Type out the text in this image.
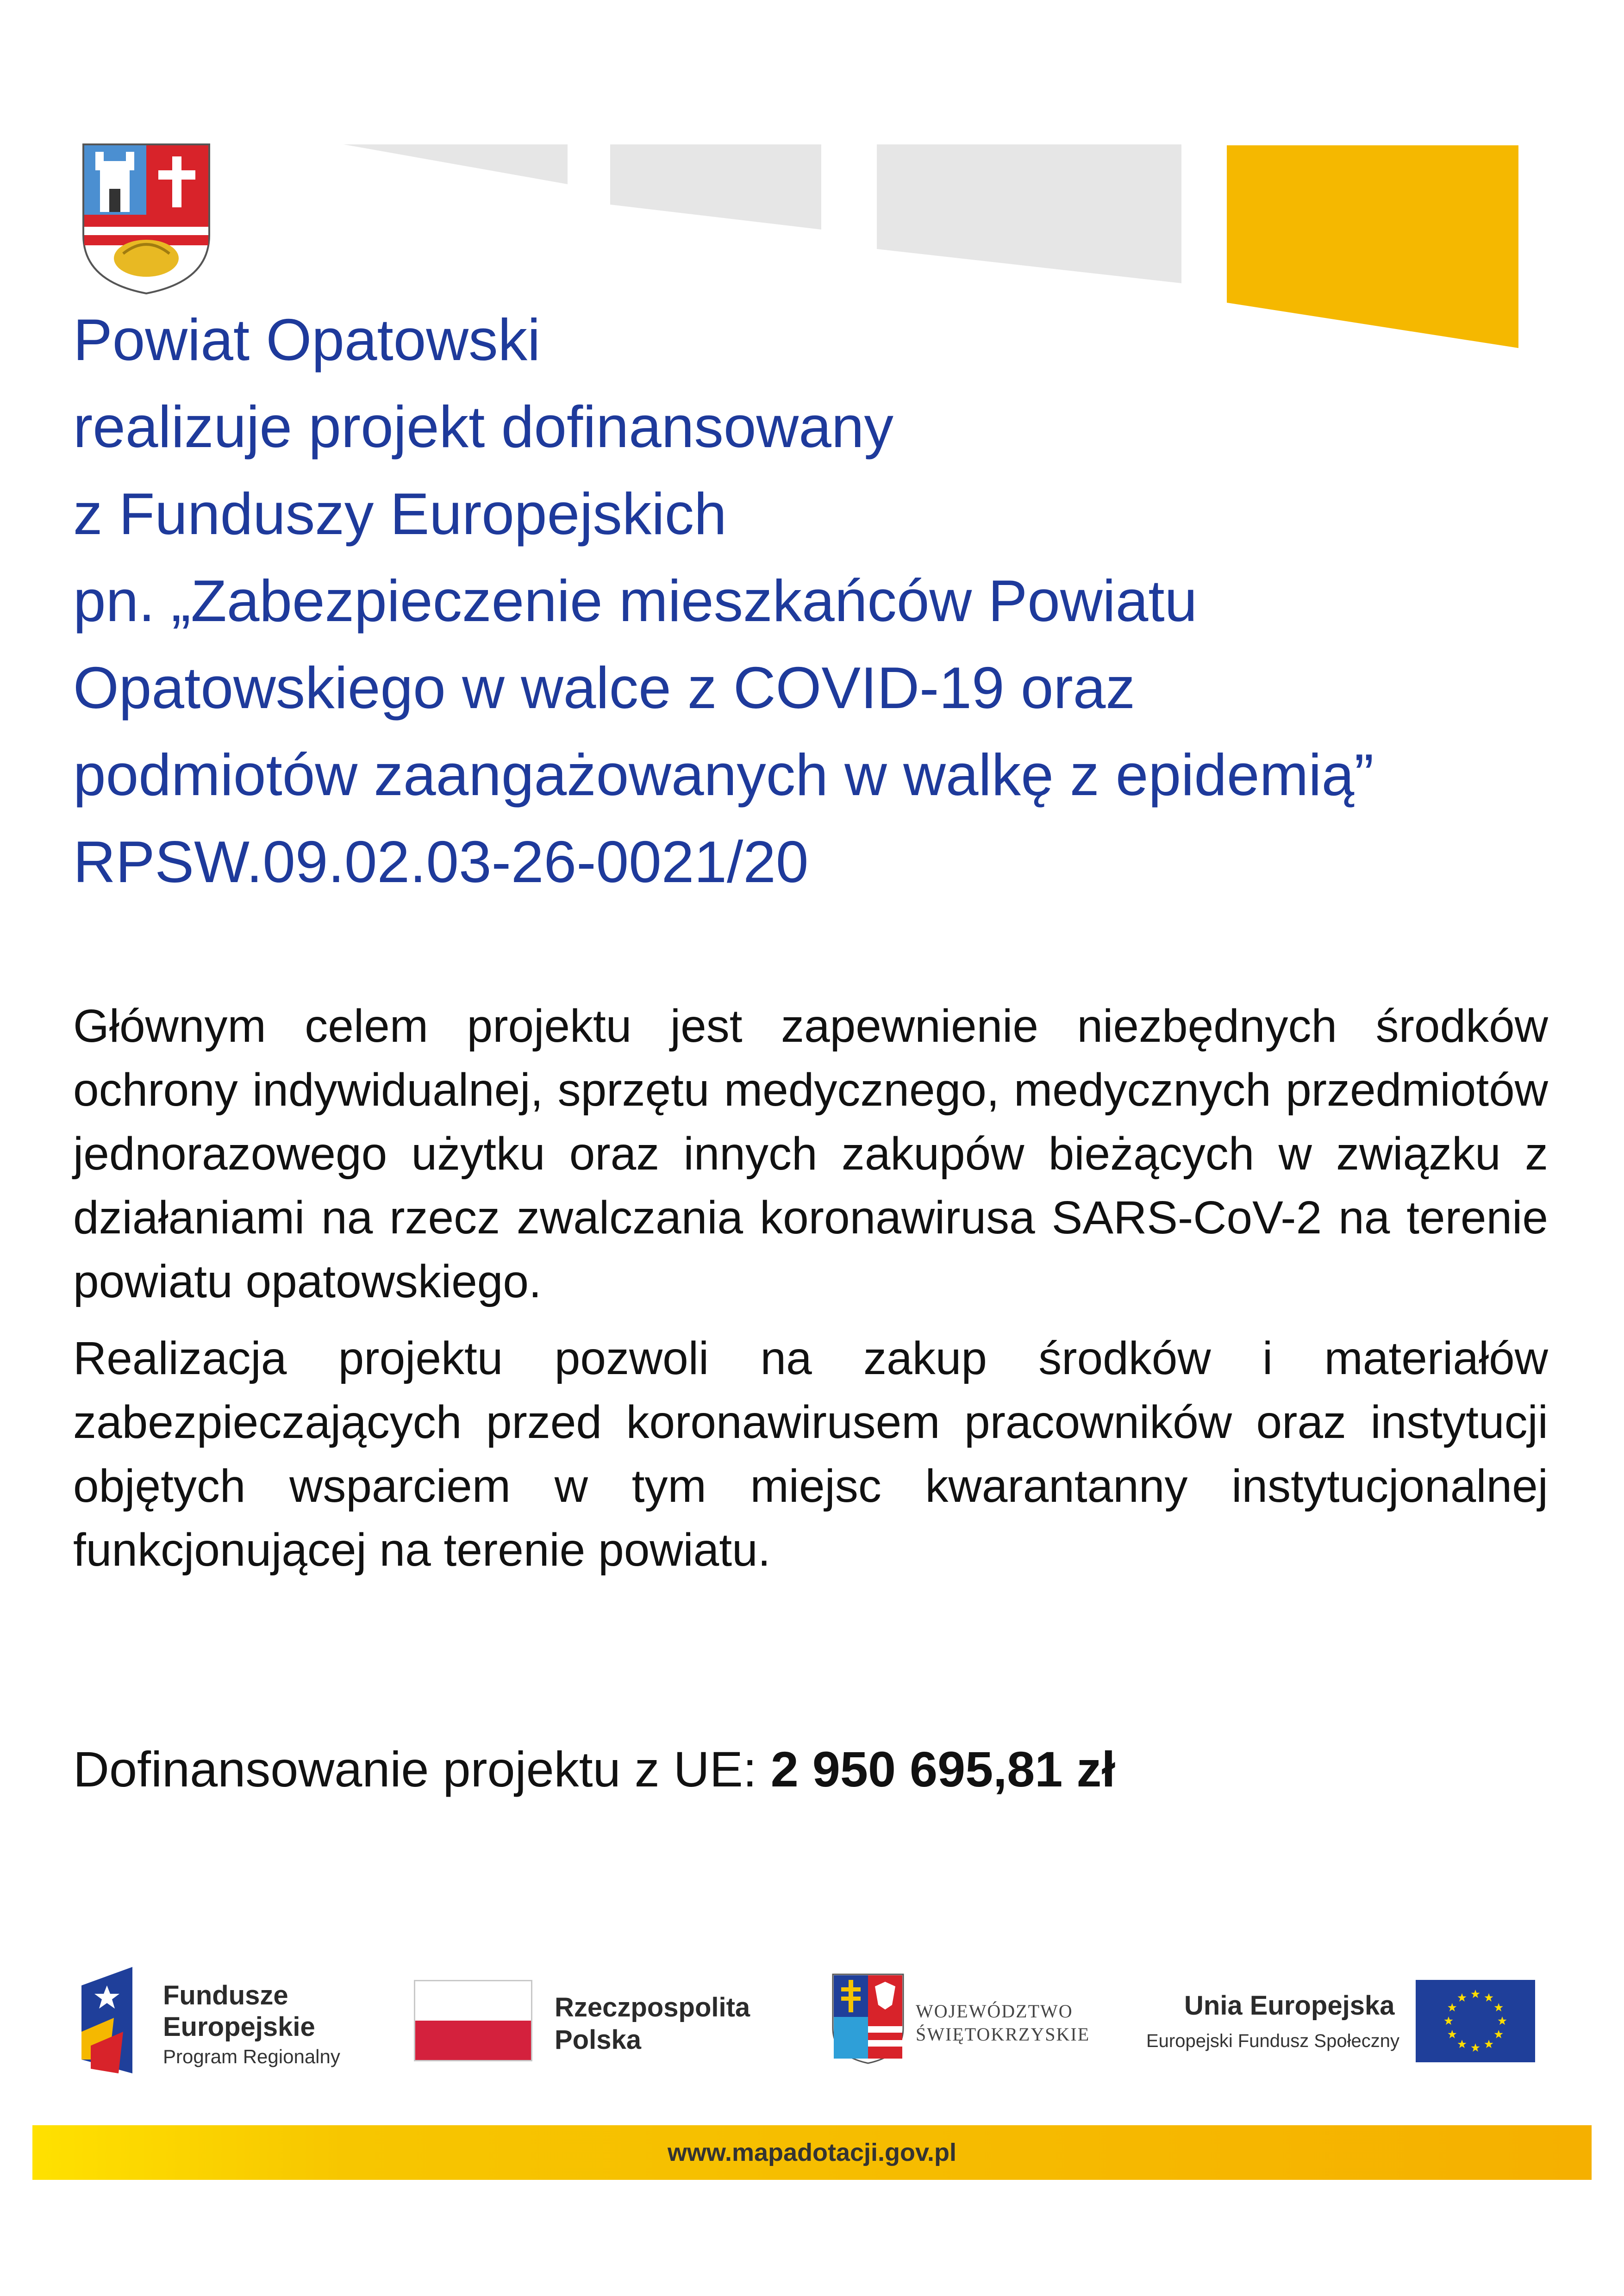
Powiat Opatowski
realizuje projekt dofinansowany
z Funduszy Europejskich
pn. „Zabezpieczenie mieszkańców Powiatu
Opatowskiego w walce z COVID-19 oraz
podmiotów zaangażowanych w walkę z epidemią”
RPSW.09.02.03-26-0021/20
Głównym celem projektu jest zapewnienie niezbędnych środków ochrony indywidualnej, sprzętu medycznego, medycznych przedmiotów jednorazowego użytku oraz innych zakupów bieżących w związku z działaniami na rzecz zwalczania koronawirusa SARS-CoV-2 na terenie powiatu opatowskiego.
Realizacja projektu pozwoli na zakup środków i materiałów zabezpieczających przed koronawirusem pracowników oraz instytucji objętych wsparciem w tym miejsc kwarantanny instytucjonalnej funkcjonującej na terenie powiatu.
Dofinansowanie projektu z UE: 2 950 695,81 zł
Fundusze
Europejskie
Program Regionalny
Rzeczpospolita
Polska
WOJEWÓDZTWO
ŚWIĘTOKRZYSKIE
Unia Europejska
Europejski Fundusz Społeczny
www.mapadotacji.gov.pl
